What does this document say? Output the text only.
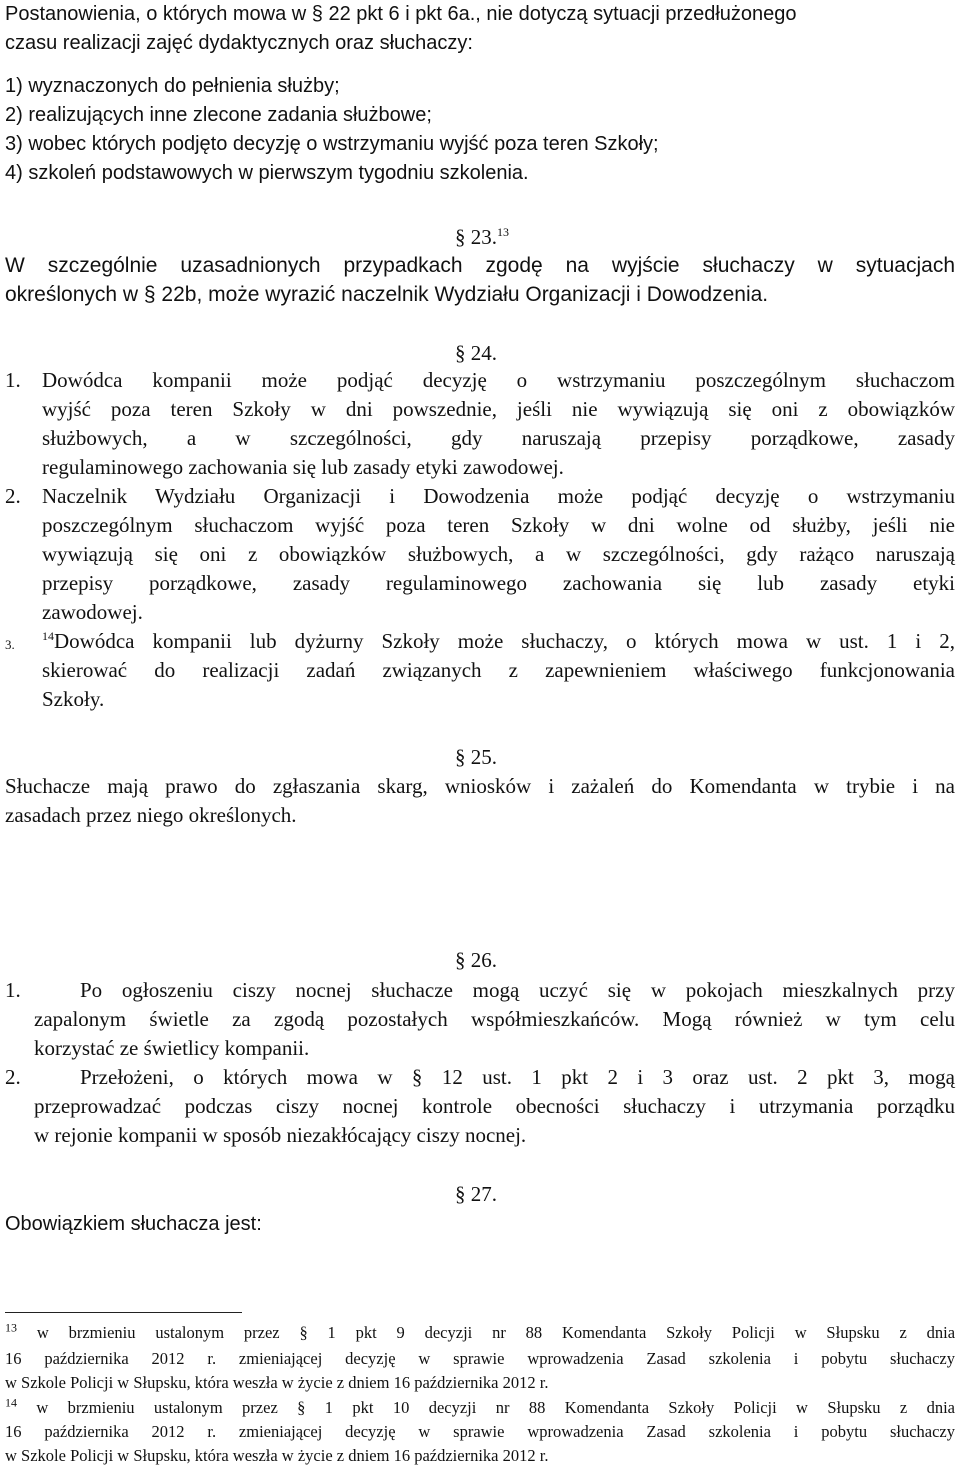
Postanowienia, o których mowa w § 22 pkt 6 i pkt 6a., nie dotyczą sytuacji przedłużonego
czasu realizacji zajęć dydaktycznych oraz słuchaczy:
1) wyznaczonych do pełnienia służby;
2) realizujących inne zlecone zadania służbowe;
3) wobec których podjęto decyzję o wstrzymaniu wyjść poza teren Szkoły;
4) szkoleń podstawowych w pierwszym tygodniu szkolenia.
§ 23.13
W szczególnie uzasadnionych przypadkach zgodę na wyjście słuchaczy w sytuacjach
określonych w § 22b, może wyrazić naczelnik Wydziału Organizacji i Dowodzenia.
§ 24.
1. Dowódca kompanii może podjąć decyzję o wstrzymaniu poszczególnym słuchaczom
wyjść poza teren Szkoły w dni powszednie, jeśli nie wywiązują się oni z obowiązków
służbowych, a w szczególności, gdy naruszają przepisy porządkowe, zasady
regulaminowego zachowania się lub zasady etyki zawodowej.
2. Naczelnik Wydziału Organizacji i Dowodzenia może podjąć decyzję o wstrzymaniu
poszczególnym słuchaczom wyjść poza teren Szkoły w dni wolne od służby, jeśli nie
wywiązują się oni z obowiązków służbowych, a w szczególności, gdy rażąco naruszają
przepisy porządkowe, zasady regulaminowego zachowania się lub zasady etyki
zawodowej.
3.
$^{14}$Dowódca kompanii lub dyżurny Szkoły może słuchaczy, o których mowa w ust. 1 i 2,
skierować do realizacji zadań związanych z zapewnieniem właściwego funkcjonowania
Szkoły.
§ 25.
Słuchacze mają prawo do zgłaszania skarg, wniosków i zażaleń do Komendanta w trybie i na
zasadach przez niego określonych.
§ 26.
1.	Po ogłoszeniu ciszy nocnej słuchacze mogą uczyć się w pokojach mieszkalnych przy
zapalonym świetle za zgodą pozostałych współmieszkańców. Mogą również w tym celu
korzystać ze świetlicy kompanii.
2.	Przełożeni, o których mowa w § 12 ust. 1 pkt 2 i 3 oraz ust. 2 pkt 3, mogą
przeprowadzać podczas ciszy nocnej kontrole obecności słuchaczy i utrzymania porządku
w rejonie kompanii w sposób niezakłócający ciszy nocnej.
§ 27.
Obowiązkiem słuchacza jest:
$^{13}$ w brzmieniu ustalonym przez § 1 pkt 9 decyzji nr 88 Komendanta Szkoły Policji w Słupsku z dnia
16 października 2012 r. zmieniającej decyzję w sprawie wprowadzenia Zasad szkolenia i pobytu słuchaczy
w Szkole Policji w Słupsku, która weszła w życie z dniem 16 października 2012 r.
$^{14}$ w brzmieniu ustalonym przez § 1 pkt 10 decyzji nr 88 Komendanta Szkoły Policji w Słupsku z dnia
16 października 2012 r. zmieniającej decyzję w sprawie wprowadzenia Zasad szkolenia i pobytu słuchaczy
w Szkole Policji w Słupsku, która weszła w życie z dniem 16 października 2012 r.
